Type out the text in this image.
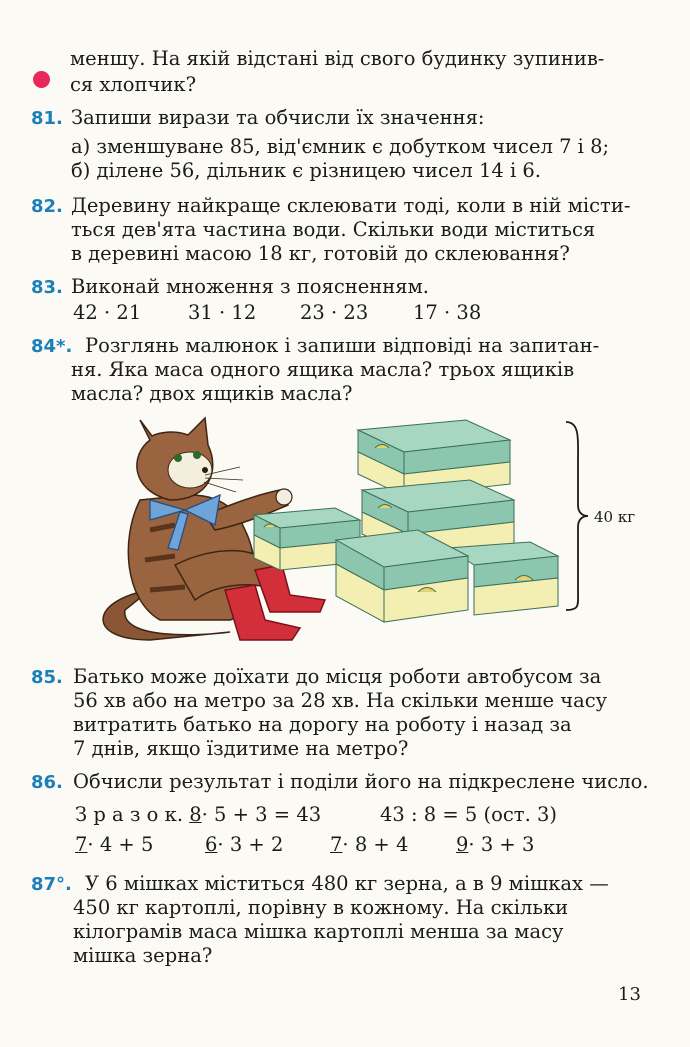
меншу. На якій відстані від свого будинку зупинив-
ся хлопчик?
81. Запиши вирази та обчисли їх значення:
а) зменшуване 85, від'ємник є добутком чисел 7 і 8;
б) ділене 56, дільник є різницею чисел 14 і 6.
82. Деревину найкраще склеювати тоді, коли в ній місти-
ться дев'ята частина води. Скільки води міститься
в деревині масою 18 кг, готовій до склеювання?
83. Виконай множення з поясненням.
42 · 21 31 · 12 23 · 23 17 · 38
84*. Розглянь малюнок і запиши відповіді на запитан-
ня. Яка маса одного ящика масла? трьох ящиків
масла? двох ящиків масла?
40 кг
85. Батько може доїхати до місця роботи автобусом за
56 хв або на метро за 28 хв. На скільки менше часу
витратить батько на дорогу на роботу і назад за
7 днів, якщо їздитиме на метро?
86. Обчисли результат і поділи його на підкреслене число.
З р а з о к. 8· 5 + 3 = 43	43 : 8 = 5 (ост. 3)
7· 4 + 5	6· 3 + 2 7· 8 + 4 9· 3 + 3
87°. У 6 мішках міститься 480 кг зерна, а в 9 мішках —
450 кг картоплі, порівну в кожному. На скільки
кілограмів маса мішка картоплі менша за масу
мішка зерна?
13
